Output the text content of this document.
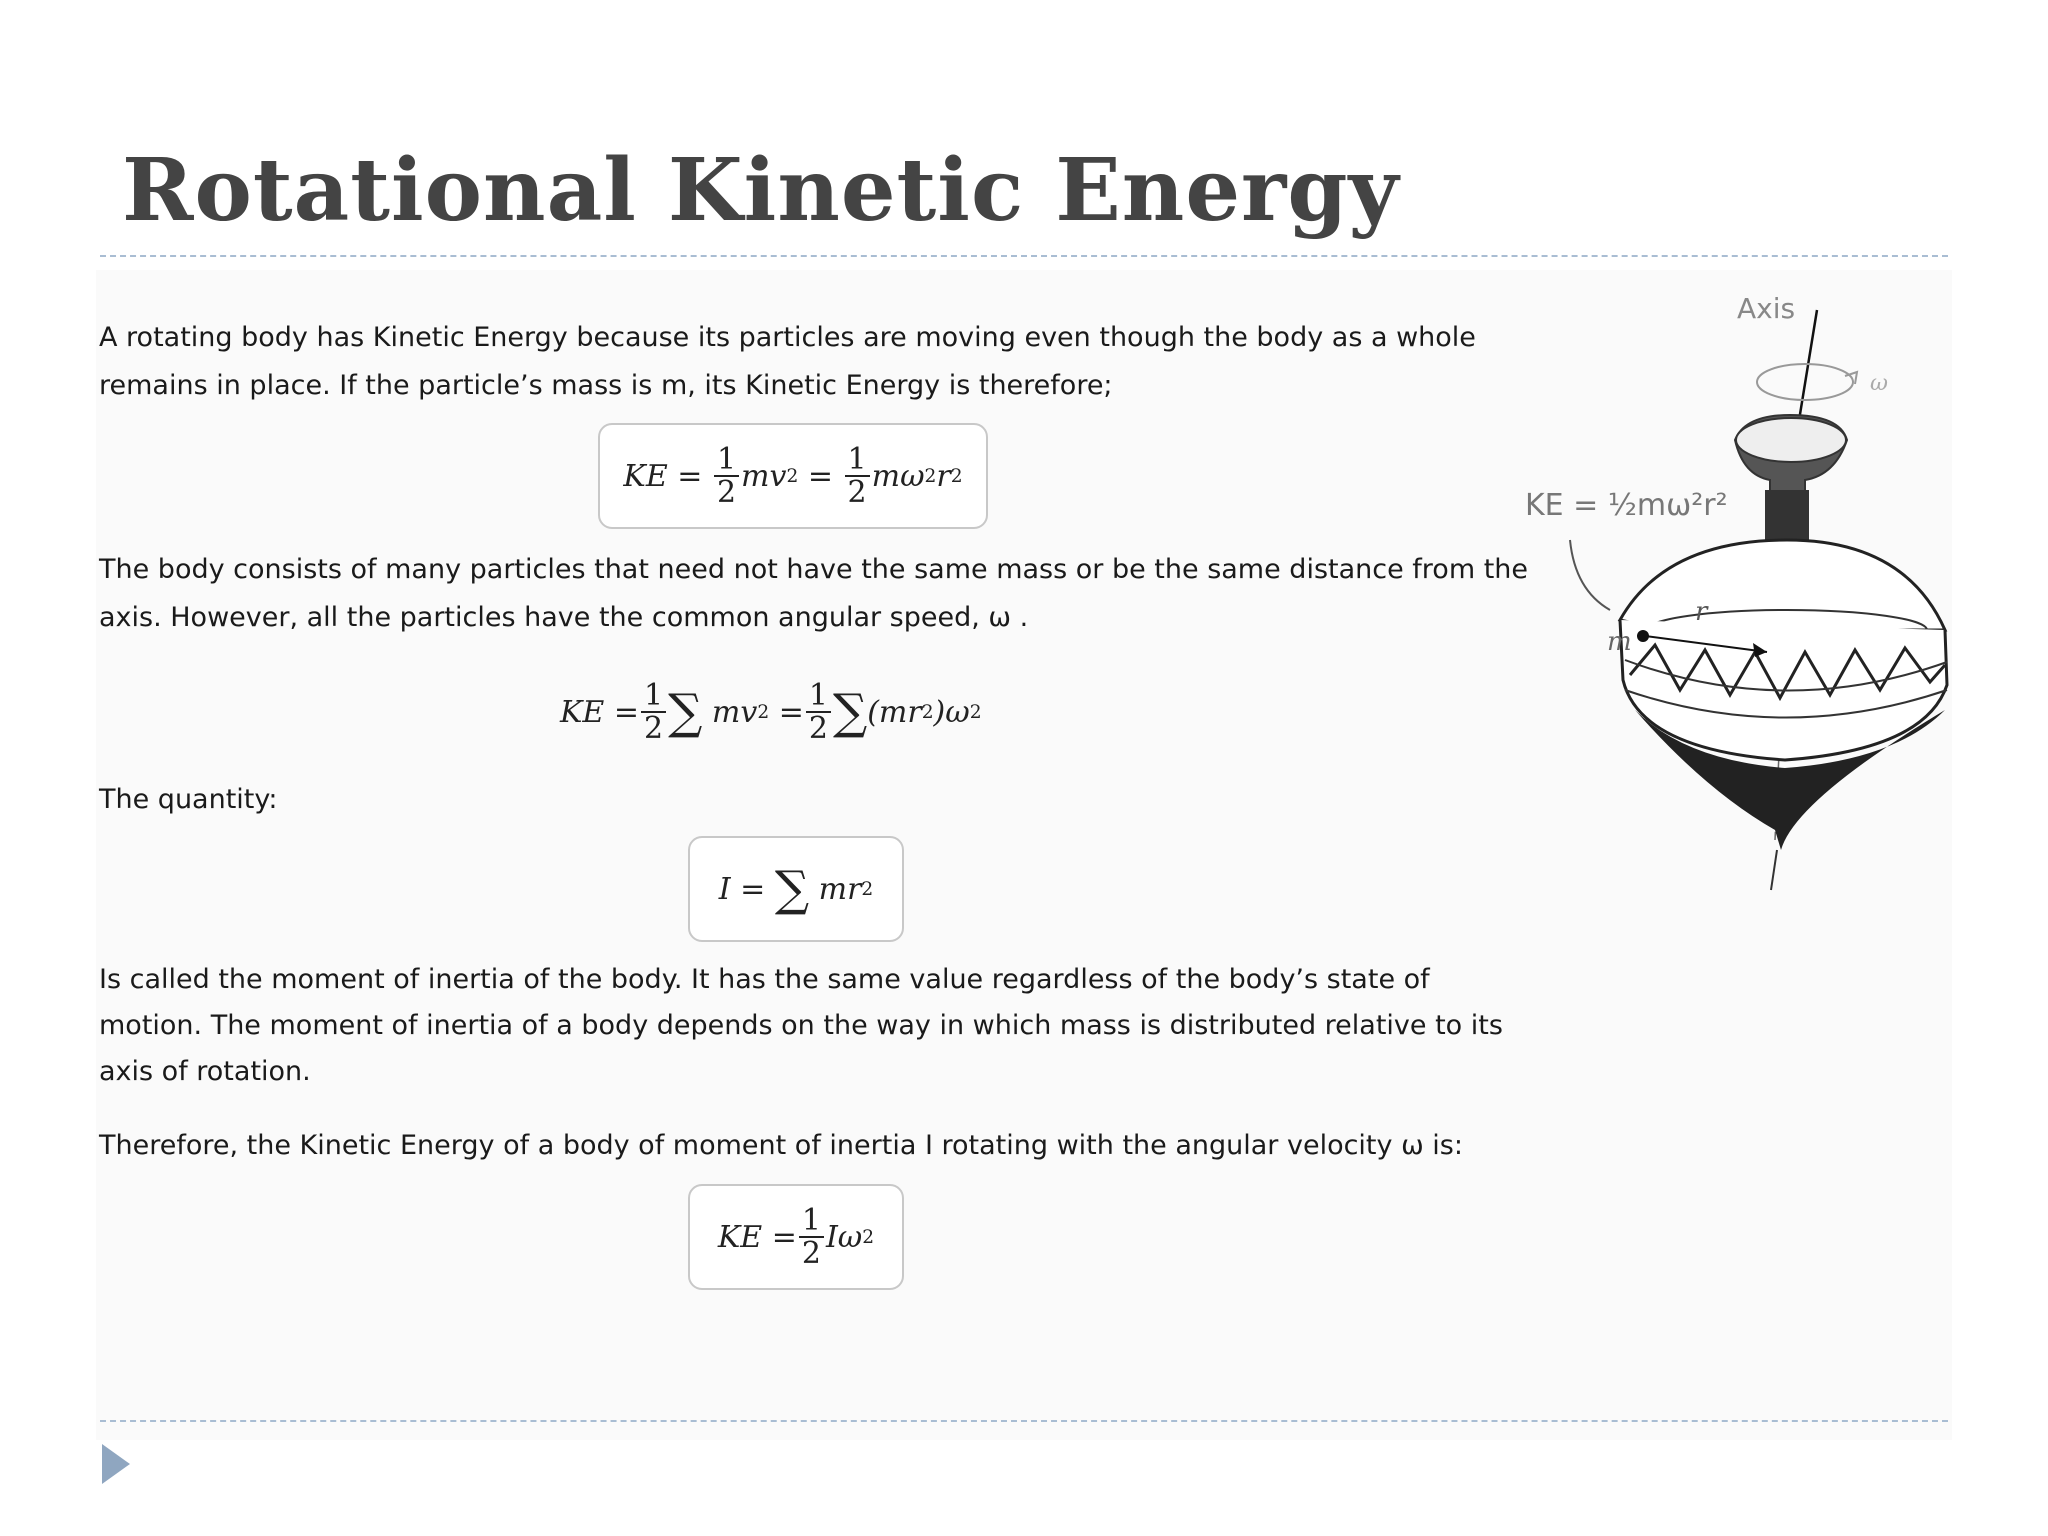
Rotational Kinetic Energy

A rotating body has Kinetic Energy because its particles are moving even though the body as a whole

remains in place. If the particle’s mass is m, its Kinetic Energy is therefore;

KE
=
$\frac{1}{2}$ mv 2
=
$\frac{1}{2}$ mω 2 r 2

The body consists of many particles that need not have the same mass or be the same distance from the

axis. However, all the particles have the common angular speed, ω .

KE
= $\frac{1}{2}$ ∑
mv 2
= $\frac{1}{2}$ ∑ (mr 2 )ω 2

The quantity:

I
=
∑
mr 2

Is called the moment of inertia of the body. It has the same value regardless of the body’s state of

motion. The moment of inertia of a body depends on the way in which mass is distributed relative to its

axis of rotation.

Therefore, the Kinetic Energy of a body of moment of inertia I rotating with the angular velocity ω is:

KE
= $\frac{1}{2}$ Iω 2
Axis
ω
r
m
KE = ½mω²r²
